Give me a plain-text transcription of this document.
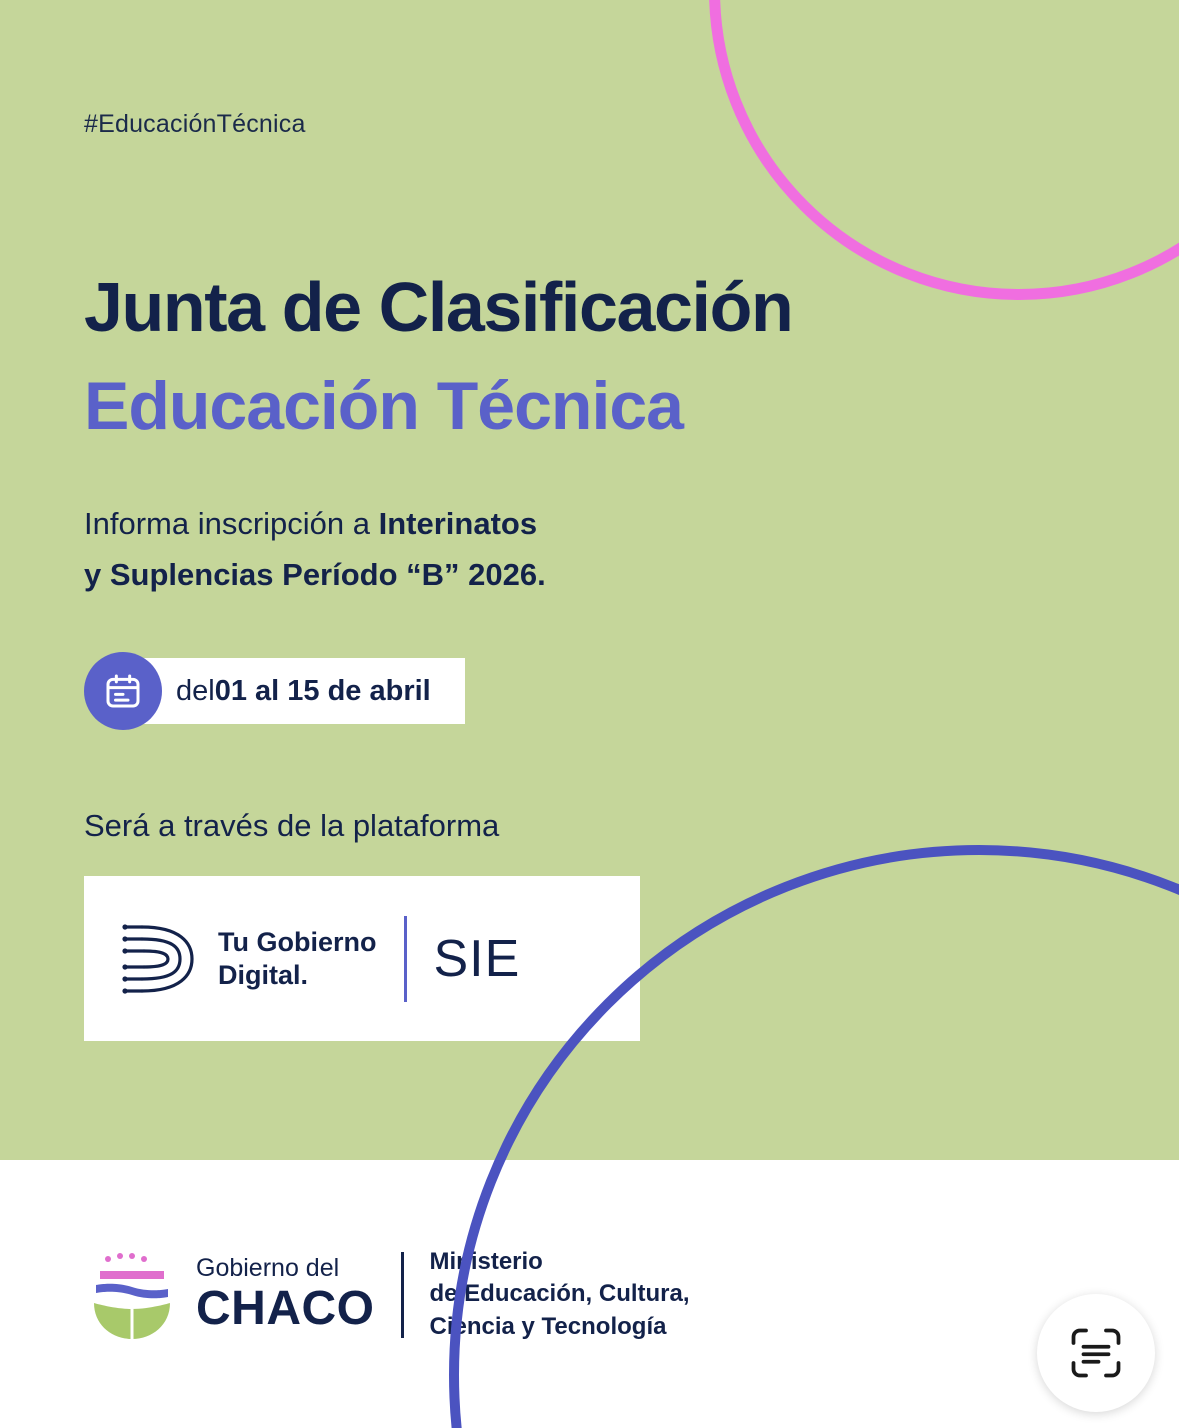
#EducaciónTécnica
Junta de Clasificación
Educación Técnica
Informa inscripción a Interinatos
y Suplencias Período “B” 2026.
del 01 al 15 de abril
Será a través de la plataforma
Tu Gobierno
Digital.	SIE
Gobierno del
CHACO
Ministerio
de Educación, Cultura,
Ciencia y Tecnología
